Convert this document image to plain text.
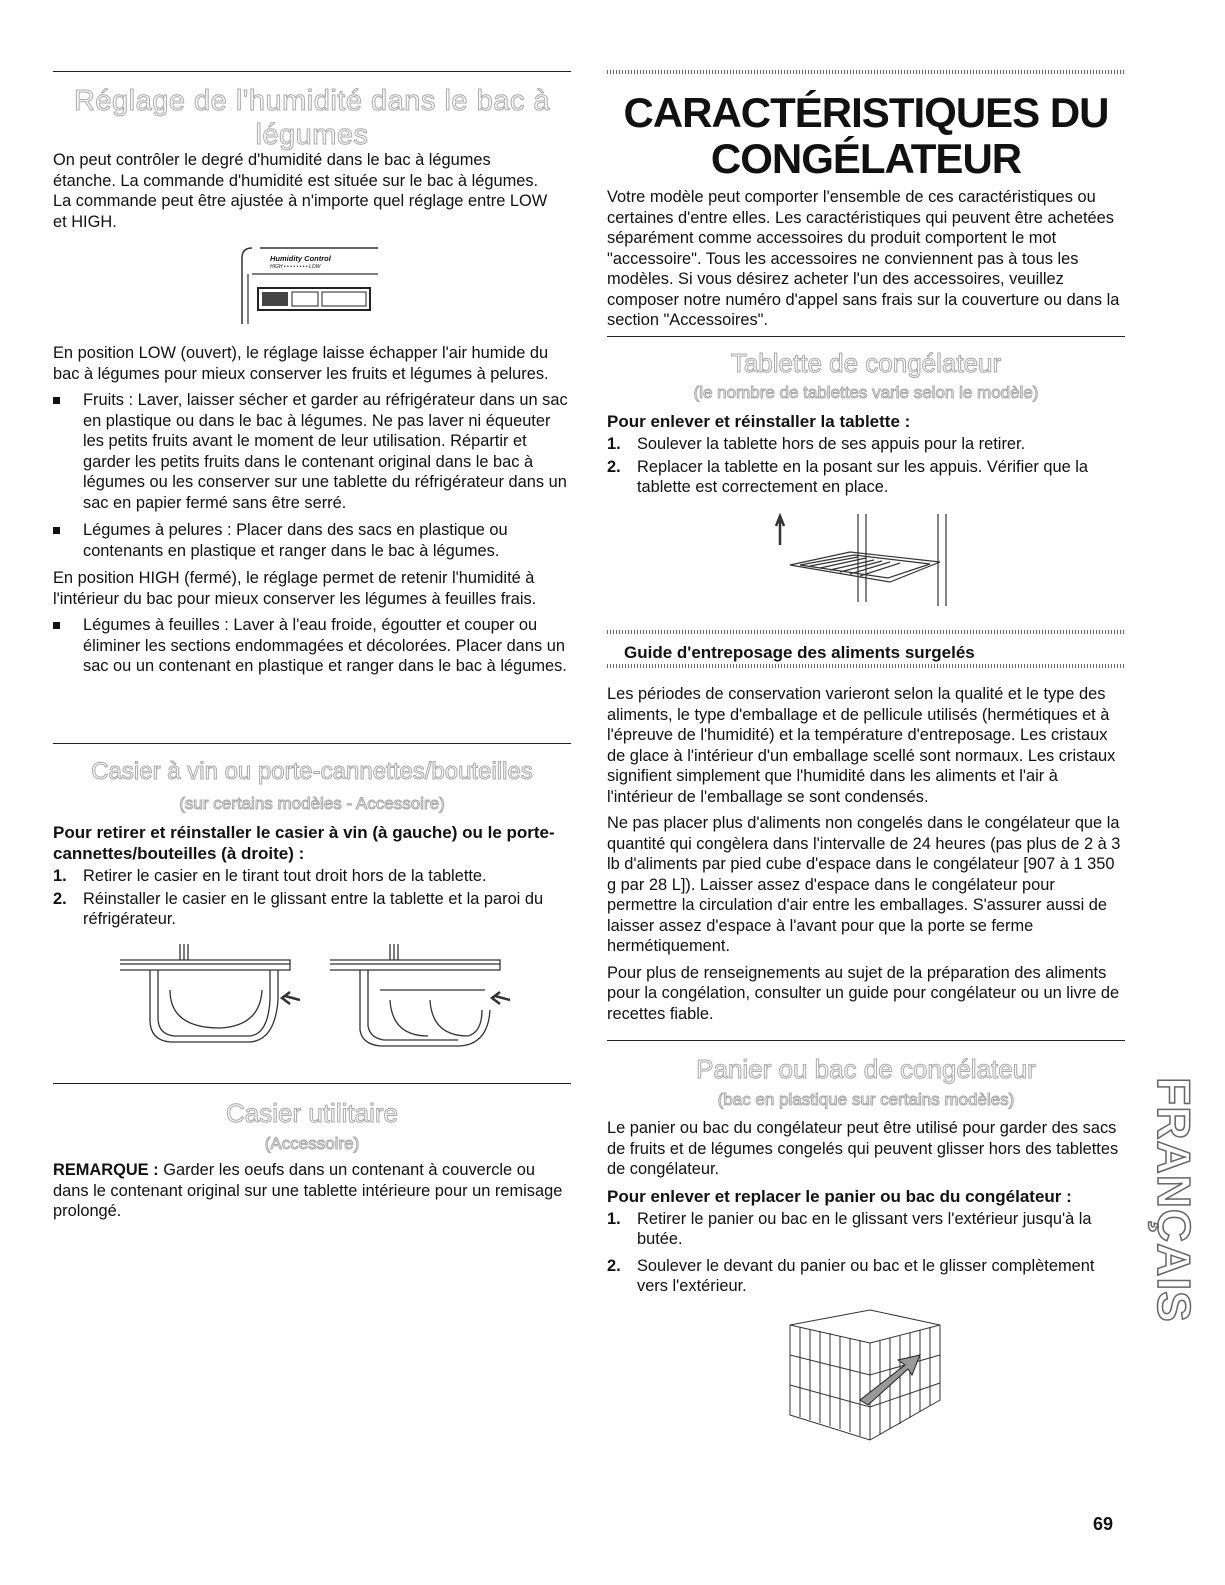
Réglage de l'humidité dans le bac à
légumes

On peut contrôler le degré d'humidité dans le bac à légumes étanche. La commande d'humidité est située sur le bac à légumes. La commande peut être ajustée à n'importe quel réglage entre LOW et HIGH.

Humidity Control
HIGH • • • • • • • • LOW

En position LOW (ouvert), le réglage laisse échapper l'air humide du bac à légumes pour mieux conserver les fruits et légumes à pelures.

Fruits : Laver, laisser sécher et garder au réfrigérateur dans un sac en plastique ou dans le bac à légumes. Ne pas laver ni équeuter les petits fruits avant le moment de leur utilisation. Répartir et garder les petits fruits dans le contenant original dans le bac à légumes ou les conserver sur une tablette du réfrigérateur dans un sac en papier fermé sans être serré.
Légumes à pelures : Placer dans des sacs en plastique ou contenants en plastique et ranger dans le bac à légumes.

En position HIGH (fermé), le réglage permet de retenir l'humidité à l'intérieur du bac pour mieux conserver les légumes à feuilles frais.

Légumes à feuilles : Laver à l'eau froide, égoutter et couper ou éliminer les sections endommagées et décolorées. Placer dans un sac ou un contenant en plastique et ranger dans le bac à légumes.
Casier à vin ou porte-cannettes/bouteilles
(sur certains modèles - Accessoire)

Pour retirer et réinstaller le casier à vin (à gauche) ou le porte-cannettes/bouteilles (à droite) :

1. Retirer le casier en le tirant tout droit hors de la tablette.
2. Réinstaller le casier en le glissant entre la tablette et la paroi du réfrigérateur.
Casier utilitaire
(Accessoire)

REMARQUE : Garder les oeufs dans un contenant à couvercle ou dans le contenant original sur une tablette intérieure pour un remisage prolongé.

CARACTÉRISTIQUES DU
CONGÉLATEUR

Votre modèle peut comporter l'ensemble de ces caractéristiques ou certaines d'entre elles. Les caractéristiques qui peuvent être achetées séparément comme accessoires du produit comportent le mot "accessoire". Tous les accessoires ne conviennent pas à tous les modèles. Si vous désirez acheter l'un des accessoires, veuillez composer notre numéro d'appel sans frais sur la couverture ou dans la section "Accessoires".

Tablette de congélateur
(le nombre de tablettes varie selon le modèle)

Pour enlever et réinstaller la tablette :

1. Soulever la tablette hors de ses appuis pour la retirer.
2. Replacer la tablette en la posant sur les appuis. Vérifier que la tablette est correctement en place.
Guide d'entreposage des aliments surgelés

Les périodes de conservation varieront selon la qualité et le type des aliments, le type d'emballage et de pellicule utilisés (hermétiques et à l'épreuve de l'humidité) et la température d'entreposage. Les cristaux de glace à l'intérieur d'un emballage scellé sont normaux. Les cristaux signifient simplement que l'humidité dans les aliments et l'air à l'intérieur de l'emballage se sont condensés.

Ne pas placer plus d'aliments non congelés dans le congélateur que la quantité qui congèlera dans l'intervalle de 24 heures (pas plus de 2 à 3 lb d'aliments par pied cube d'espace dans le congélateur [907 à 1 350 g par 28 L]). Laisser assez d'espace dans le congélateur pour permettre la circulation d'air entre les emballages. S'assurer aussi de laisser assez d'espace à l'avant pour que la porte se ferme hermétiquement.

Pour plus de renseignements au sujet de la préparation des aliments pour la congélation, consulter un guide pour congélateur ou un livre de recettes fiable.

Panier ou bac de congélateur
(bac en plastique sur certains modèles)

Le panier ou bac du congélateur peut être utilisé pour garder des sacs de fruits et de légumes congelés qui peuvent glisser hors des tablettes de congélateur.

Pour enlever et replacer le panier ou bac du congélateur :

1. Retirer le panier ou bac en le glissant vers l'extérieur jusqu'à la butée.
2. Soulever le devant du panier ou bac et le glisser complètement vers l'extérieur.	FRANÇAIS
69
